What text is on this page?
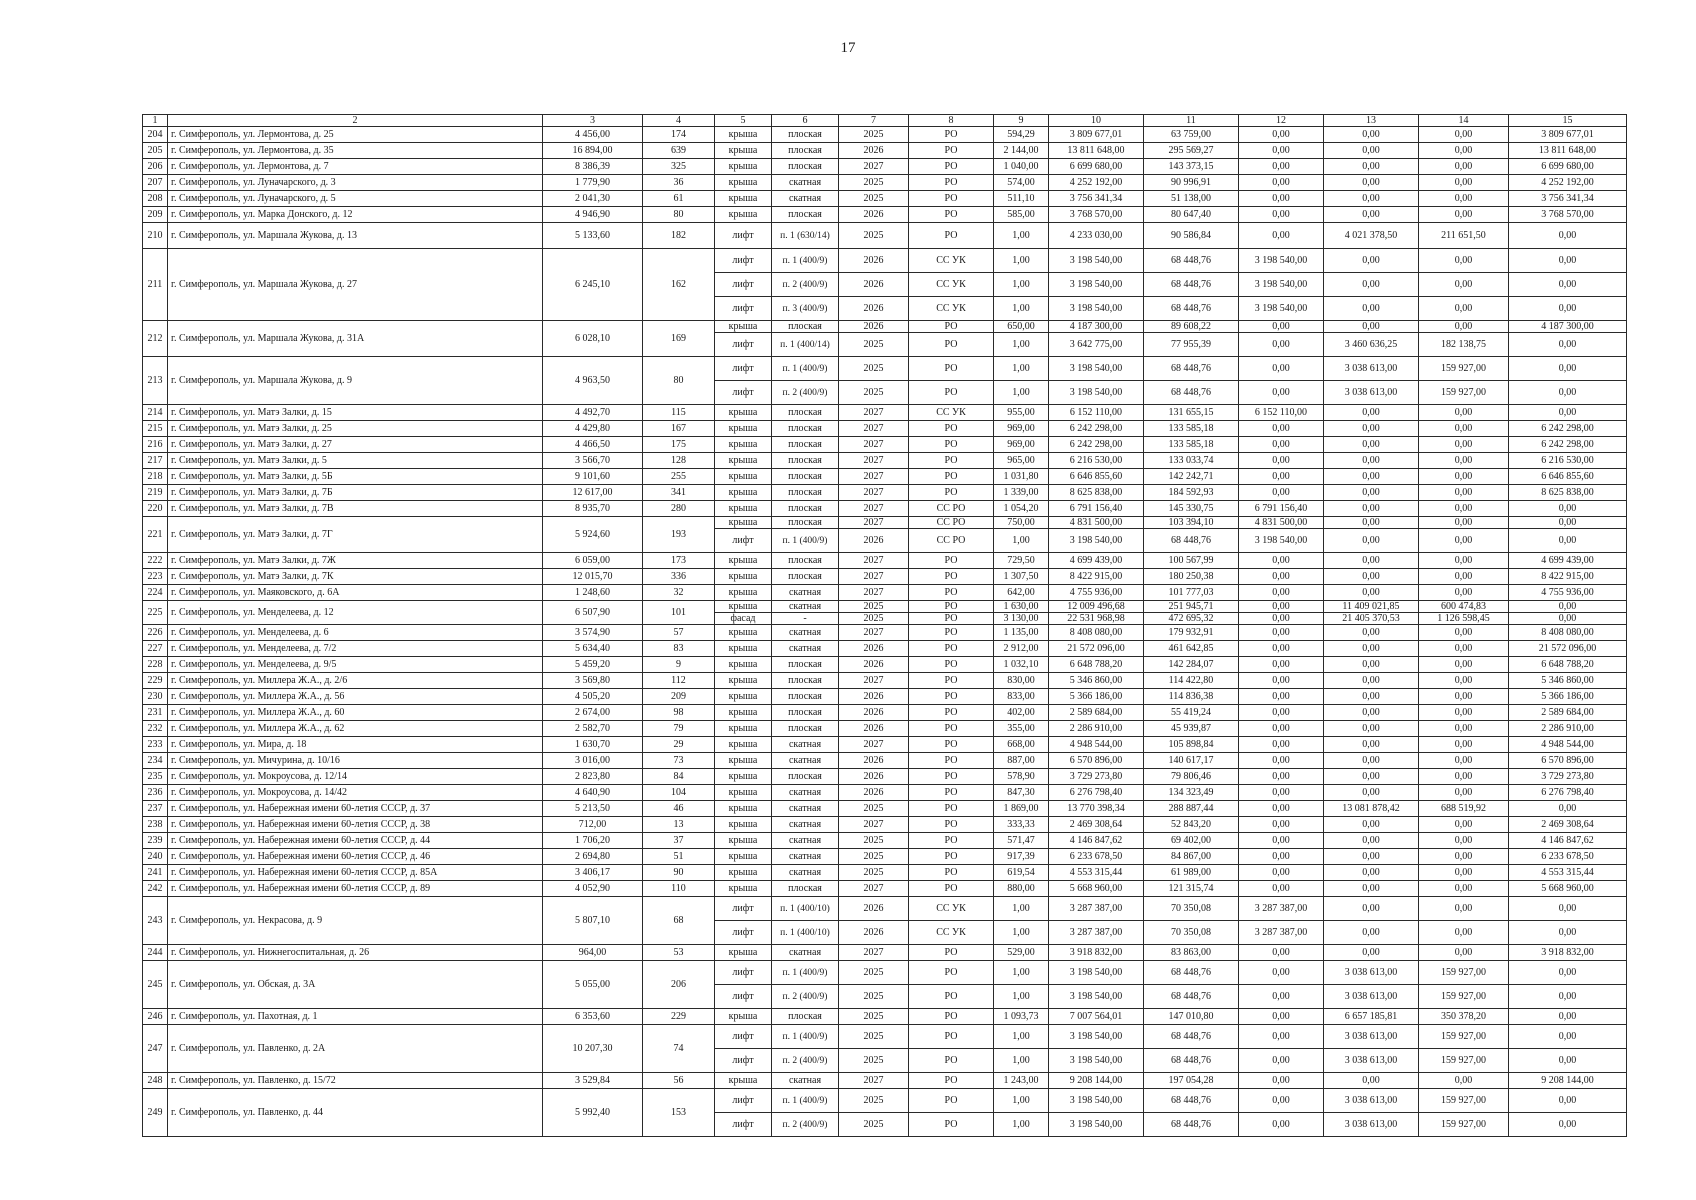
17
1	2	3	4	5	6	7	8	9	10	11	12	13	14	15
204	г. Симферополь, ул. Лермонтова, д. 25	4 456,00	174	крыша	плоская	2025	РО	594,29	3 809 677,01	63 759,00	0,00	0,00	0,00	3 809 677,01
205	г. Симферополь, ул. Лермонтова, д. 35	16 894,00	639	крыша	плоская	2026	РО	2 144,00	13 811 648,00	295 569,27	0,00	0,00	0,00	13 811 648,00
206	г. Симферополь, ул. Лермонтова, д. 7	8 386,39	325	крыша	плоская	2027	РО	1 040,00	6 699 680,00	143 373,15	0,00	0,00	0,00	6 699 680,00
207	г. Симферополь, ул. Луначарского, д. 3	1 779,90	36	крыша	скатная	2025	РО	574,00	4 252 192,00	90 996,91	0,00	0,00	0,00	4 252 192,00
208	г. Симферополь, ул. Луначарского, д. 5	2 041,30	61	крыша	скатная	2025	РО	511,10	3 756 341,34	51 138,00	0,00	0,00	0,00	3 756 341,34
209	г. Симферополь, ул. Марка Донского, д. 12	4 946,90	80	крыша	плоская	2026	РО	585,00	3 768 570,00	80 647,40	0,00	0,00	0,00	3 768 570,00
210	г. Симферополь, ул. Маршала Жукова, д. 13	5 133,60	182	лифт	п. 1 (630/14)	2025	РО	1,00	4 233 030,00	90 586,84	0,00	4 021 378,50	211 651,50	0,00
211	г. Симферополь, ул. Маршала Жукова, д. 27	6 245,10	162	лифт	п. 1 (400/9)	2026	СС УК	1,00	3 198 540,00	68 448,76	3 198 540,00	0,00	0,00	0,00
				лифт	п. 2 (400/9)	2026	СС УК	1,00	3 198 540,00	68 448,76	3 198 540,00	0,00	0,00	0,00
				лифт	п. 3 (400/9)	2026	СС УК	1,00	3 198 540,00	68 448,76	3 198 540,00	0,00	0,00	0,00
212	г. Симферополь, ул. Маршала Жукова, д. 31А	6 028,10	169	крыша	плоская	2026	РО	650,00	4 187 300,00	89 608,22	0,00	0,00	0,00	4 187 300,00
				лифт	п. 1 (400/14)	2025	РО	1,00	3 642 775,00	77 955,39	0,00	3 460 636,25	182 138,75	0,00
213	г. Симферополь, ул. Маршала Жукова, д. 9	4 963,50	80	лифт	п. 1 (400/9)	2025	РО	1,00	3 198 540,00	68 448,76	0,00	3 038 613,00	159 927,00	0,00
				лифт	п. 2 (400/9)	2025	РО	1,00	3 198 540,00	68 448,76	0,00	3 038 613,00	159 927,00	0,00
214	г. Симферополь, ул. Матэ Залки, д. 15	4 492,70	115	крыша	плоская	2027	СС УК	955,00	6 152 110,00	131 655,15	6 152 110,00	0,00	0,00	0,00
215	г. Симферополь, ул. Матэ Залки, д. 25	4 429,80	167	крыша	плоская	2027	РО	969,00	6 242 298,00	133 585,18	0,00	0,00	0,00	6 242 298,00
216	г. Симферополь, ул. Матэ Залки, д. 27	4 466,50	175	крыша	плоская	2027	РО	969,00	6 242 298,00	133 585,18	0,00	0,00	0,00	6 242 298,00
217	г. Симферополь, ул. Матэ Залки, д. 5	3 566,70	128	крыша	плоская	2027	РО	965,00	6 216 530,00	133 033,74	0,00	0,00	0,00	6 216 530,00
218	г. Симферополь, ул. Матэ Залки, д. 5Б	9 101,60	255	крыша	плоская	2027	РО	1 031,80	6 646 855,60	142 242,71	0,00	0,00	0,00	6 646 855,60
219	г. Симферополь, ул. Матэ Залки, д. 7Б	12 617,00	341	крыша	плоская	2027	РО	1 339,00	8 625 838,00	184 592,93	0,00	0,00	0,00	8 625 838,00
220	г. Симферополь, ул. Матэ Залки, д. 7В	8 935,70	280	крыша	плоская	2027	СС РО	1 054,20	6 791 156,40	145 330,75	6 791 156,40	0,00	0,00	0,00
221	г. Симферополь, ул. Матэ Залки, д. 7Г	5 924,60	193	крыша	плоская	2027	СС РО	750,00	4 831 500,00	103 394,10	4 831 500,00	0,00	0,00	0,00
				лифт	п. 1 (400/9)	2026	СС РО	1,00	3 198 540,00	68 448,76	3 198 540,00	0,00	0,00	0,00
222	г. Симферополь, ул. Матэ Залки, д. 7Ж	6 059,00	173	крыша	плоская	2027	РО	729,50	4 699 439,00	100 567,99	0,00	0,00	0,00	4 699 439,00
223	г. Симферополь, ул. Матэ Залки, д. 7К	12 015,70	336	крыша	плоская	2027	РО	1 307,50	8 422 915,00	180 250,38	0,00	0,00	0,00	8 422 915,00
224	г. Симферополь, ул. Маяковского, д. 6А	1 248,60	32	крыша	скатная	2027	РО	642,00	4 755 936,00	101 777,03	0,00	0,00	0,00	4 755 936,00
225	г. Симферополь, ул. Менделеева, д. 12	6 507,90	101	крыша	скатная	2025	РО	1 630,00	12 009 496,68	251 945,71	0,00	11 409 021,85	600 474,83	0,00
				фасад	-	2025	РО	3 130,00	22 531 968,98	472 695,32	0,00	21 405 370,53	1 126 598,45	0,00
226	г. Симферополь, ул. Менделеева, д. 6	3 574,90	57	крыша	скатная	2027	РО	1 135,00	8 408 080,00	179 932,91	0,00	0,00	0,00	8 408 080,00
227	г. Симферополь, ул. Менделеева, д. 7/2	5 634,40	83	крыша	скатная	2026	РО	2 912,00	21 572 096,00	461 642,85	0,00	0,00	0,00	21 572 096,00
228	г. Симферополь, ул. Менделеева, д. 9/5	5 459,20	9	крыша	плоская	2026	РО	1 032,10	6 648 788,20	142 284,07	0,00	0,00	0,00	6 648 788,20
229	г. Симферополь, ул. Миллера Ж.А., д. 2/6	3 569,80	112	крыша	плоская	2027	РО	830,00	5 346 860,00	114 422,80	0,00	0,00	0,00	5 346 860,00
230	г. Симферополь, ул. Миллера Ж.А., д. 56	4 505,20	209	крыша	плоская	2026	РО	833,00	5 366 186,00	114 836,38	0,00	0,00	0,00	5 366 186,00
231	г. Симферополь, ул. Миллера Ж.А., д. 60	2 674,00	98	крыша	плоская	2026	РО	402,00	2 589 684,00	55 419,24	0,00	0,00	0,00	2 589 684,00
232	г. Симферополь, ул. Миллера Ж.А., д. 62	2 582,70	79	крыша	плоская	2026	РО	355,00	2 286 910,00	45 939,87	0,00	0,00	0,00	2 286 910,00
233	г. Симферополь, ул. Мира, д. 18	1 630,70	29	крыша	скатная	2027	РО	668,00	4 948 544,00	105 898,84	0,00	0,00	0,00	4 948 544,00
234	г. Симферополь, ул. Мичурина, д. 10/16	3 016,00	73	крыша	скатная	2026	РО	887,00	6 570 896,00	140 617,17	0,00	0,00	0,00	6 570 896,00
235	г. Симферополь, ул. Мокроусова, д. 12/14	2 823,80	84	крыша	плоская	2026	РО	578,90	3 729 273,80	79 806,46	0,00	0,00	0,00	3 729 273,80
236	г. Симферополь, ул. Мокроусова, д. 14/42	4 640,90	104	крыша	скатная	2026	РО	847,30	6 276 798,40	134 323,49	0,00	0,00	0,00	6 276 798,40
237	г. Симферополь, ул. Набережная имени 60-летия СССР, д. 37	5 213,50	46	крыша	скатная	2025	РО	1 869,00	13 770 398,34	288 887,44	0,00	13 081 878,42	688 519,92	0,00
238	г. Симферополь, ул. Набережная имени 60-летия СССР, д. 38	712,00	13	крыша	скатная	2027	РО	333,33	2 469 308,64	52 843,20	0,00	0,00	0,00	2 469 308,64
239	г. Симферополь, ул. Набережная имени 60-летия СССР, д. 44	1 706,20	37	крыша	скатная	2025	РО	571,47	4 146 847,62	69 402,00	0,00	0,00	0,00	4 146 847,62
240	г. Симферополь, ул. Набережная имени 60-летия СССР, д. 46	2 694,80	51	крыша	скатная	2025	РО	917,39	6 233 678,50	84 867,00	0,00	0,00	0,00	6 233 678,50
241	г. Симферополь, ул. Набережная имени 60-летия СССР, д. 85А	3 406,17	90	крыша	скатная	2025	РО	619,54	4 553 315,44	61 989,00	0,00	0,00	0,00	4 553 315,44
242	г. Симферополь, ул. Набережная имени 60-летия СССР, д. 89	4 052,90	110	крыша	плоская	2027	РО	880,00	5 668 960,00	121 315,74	0,00	0,00	0,00	5 668 960,00
243	г. Симферополь, ул. Некрасова, д. 9	5 807,10	68	лифт	п. 1 (400/10)	2026	СС УК	1,00	3 287 387,00	70 350,08	3 287 387,00	0,00	0,00	0,00
				лифт	п. 1 (400/10)	2026	СС УК	1,00	3 287 387,00	70 350,08	3 287 387,00	0,00	0,00	0,00
244	г. Симферополь, ул. Нижнегоспитальная, д. 26	964,00	53	крыша	скатная	2027	РО	529,00	3 918 832,00	83 863,00	0,00	0,00	0,00	3 918 832,00
245	г. Симферополь, ул. Обская, д. 3А	5 055,00	206	лифт	п. 1 (400/9)	2025	РО	1,00	3 198 540,00	68 448,76	0,00	3 038 613,00	159 927,00	0,00
				лифт	п. 2 (400/9)	2025	РО	1,00	3 198 540,00	68 448,76	0,00	3 038 613,00	159 927,00	0,00
246	г. Симферополь, ул. Пахотная, д. 1	6 353,60	229	крыша	плоская	2025	РО	1 093,73	7 007 564,01	147 010,80	0,00	6 657 185,81	350 378,20	0,00
247	г. Симферополь, ул. Павленко, д. 2А	10 207,30	74	лифт	п. 1 (400/9)	2025	РО	1,00	3 198 540,00	68 448,76	0,00	3 038 613,00	159 927,00	0,00
				лифт	п. 2 (400/9)	2025	РО	1,00	3 198 540,00	68 448,76	0,00	3 038 613,00	159 927,00	0,00
248	г. Симферополь, ул. Павленко, д. 15/72	3 529,84	56	крыша	скатная	2027	РО	1 243,00	9 208 144,00	197 054,28	0,00	0,00	0,00	9 208 144,00
249	г. Симферополь, ул. Павленко, д. 44	5 992,40	153	лифт	п. 1 (400/9)	2025	РО	1,00	3 198 540,00	68 448,76	0,00	3 038 613,00	159 927,00	0,00
				лифт	п. 2 (400/9)	2025	РО	1,00	3 198 540,00	68 448,76	0,00	3 038 613,00	159 927,00	0,00
